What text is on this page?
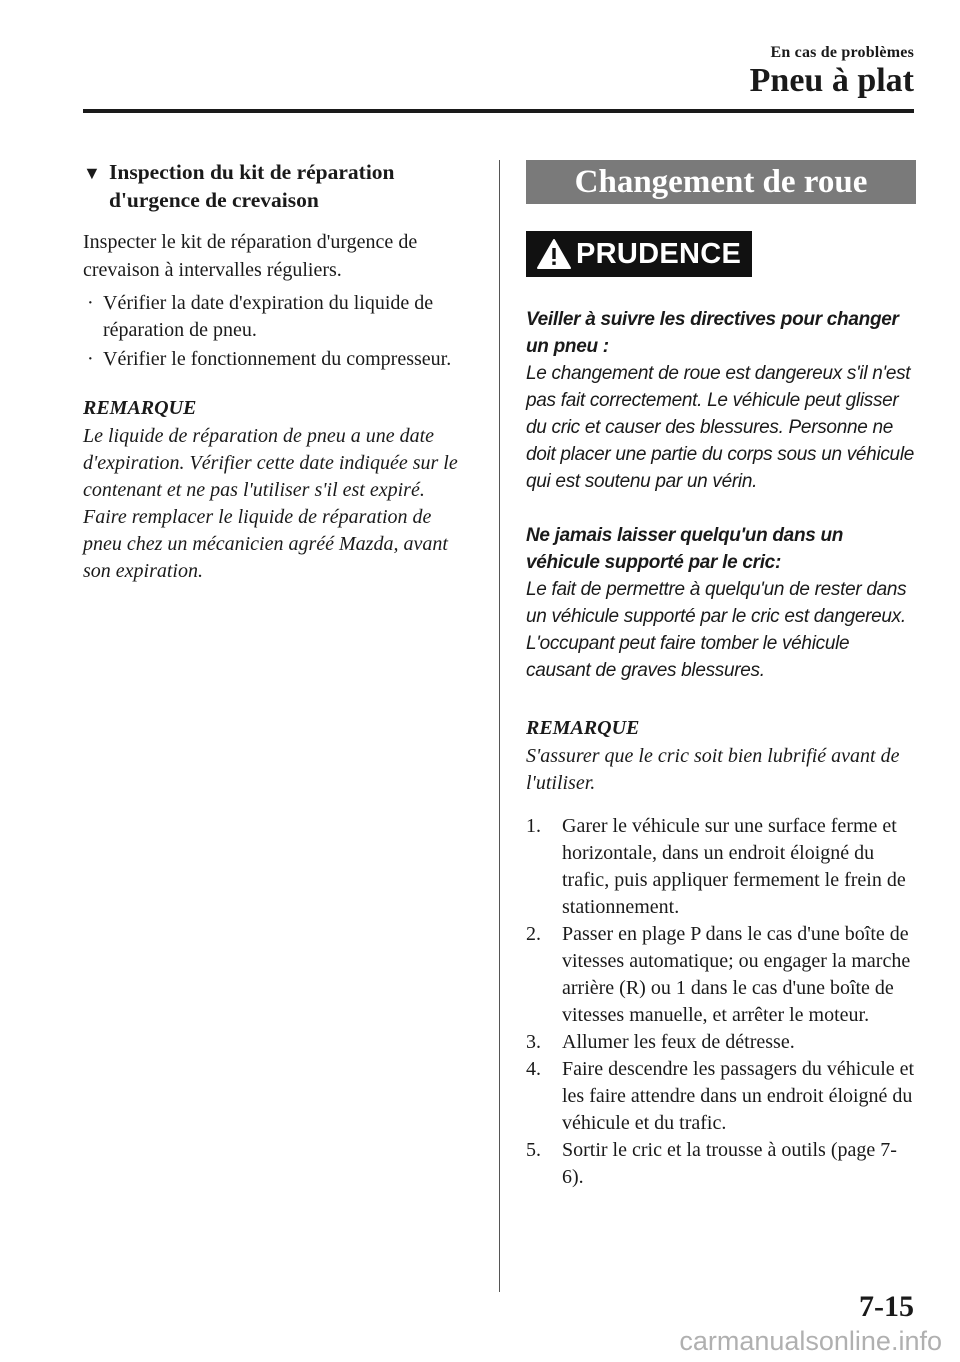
En cas de problèmes
Pneu à plat
▼ Inspection du kit de réparation
d'urgence de crevaison

Inspecter le kit de réparation d'urgence de crevaison à intervalles réguliers.

· Vérifier la date d'expiration du liquide de réparation de pneu.
· Vérifier le fonctionnement du compresseur.
REMARQUE

Le liquide de réparation de pneu a une date d'expiration. Vérifier cette date indiquée sur le contenant et ne pas l'utiliser s'il est expiré. Faire remplacer le liquide de réparation de pneu chez un mécanicien agréé Mazda, avant son expiration.

Changement de roue
PRUDENCE
Veiller à suivre les directives pour changer un pneu :
Le changement de roue est dangereux s'il n'est pas fait correctement. Le véhicule peut glisser du cric et causer des blessures. Personne ne doit placer une partie du corps sous un véhicule qui est soutenu par un vérin.
Ne jamais laisser quelqu'un dans un véhicule supporté par le cric:
Le fait de permettre à quelqu'un de rester dans un véhicule supporté par le cric est dangereux. L'occupant peut faire tomber le véhicule causant de graves blessures.
REMARQUE

S'assurer que le cric soit bien lubrifié avant de l'utiliser.

1. Garer le véhicule sur une surface ferme et horizontale, dans un endroit éloigné du trafic, puis appliquer fermement le frein de stationnement.
2. Passer en plage P dans le cas d'une boîte de vitesses automatique; ou engager la marche arrière (R) ou 1 dans le cas d'une boîte de vitesses manuelle, et arrêter le moteur.
3. Allumer les feux de détresse.
4. Faire descendre les passagers du véhicule et les faire attendre dans un endroit éloigné du véhicule et du trafic.
5. Sortir le cric et la trousse à outils (page 7-6).
7-15
carmanualsonline.info
